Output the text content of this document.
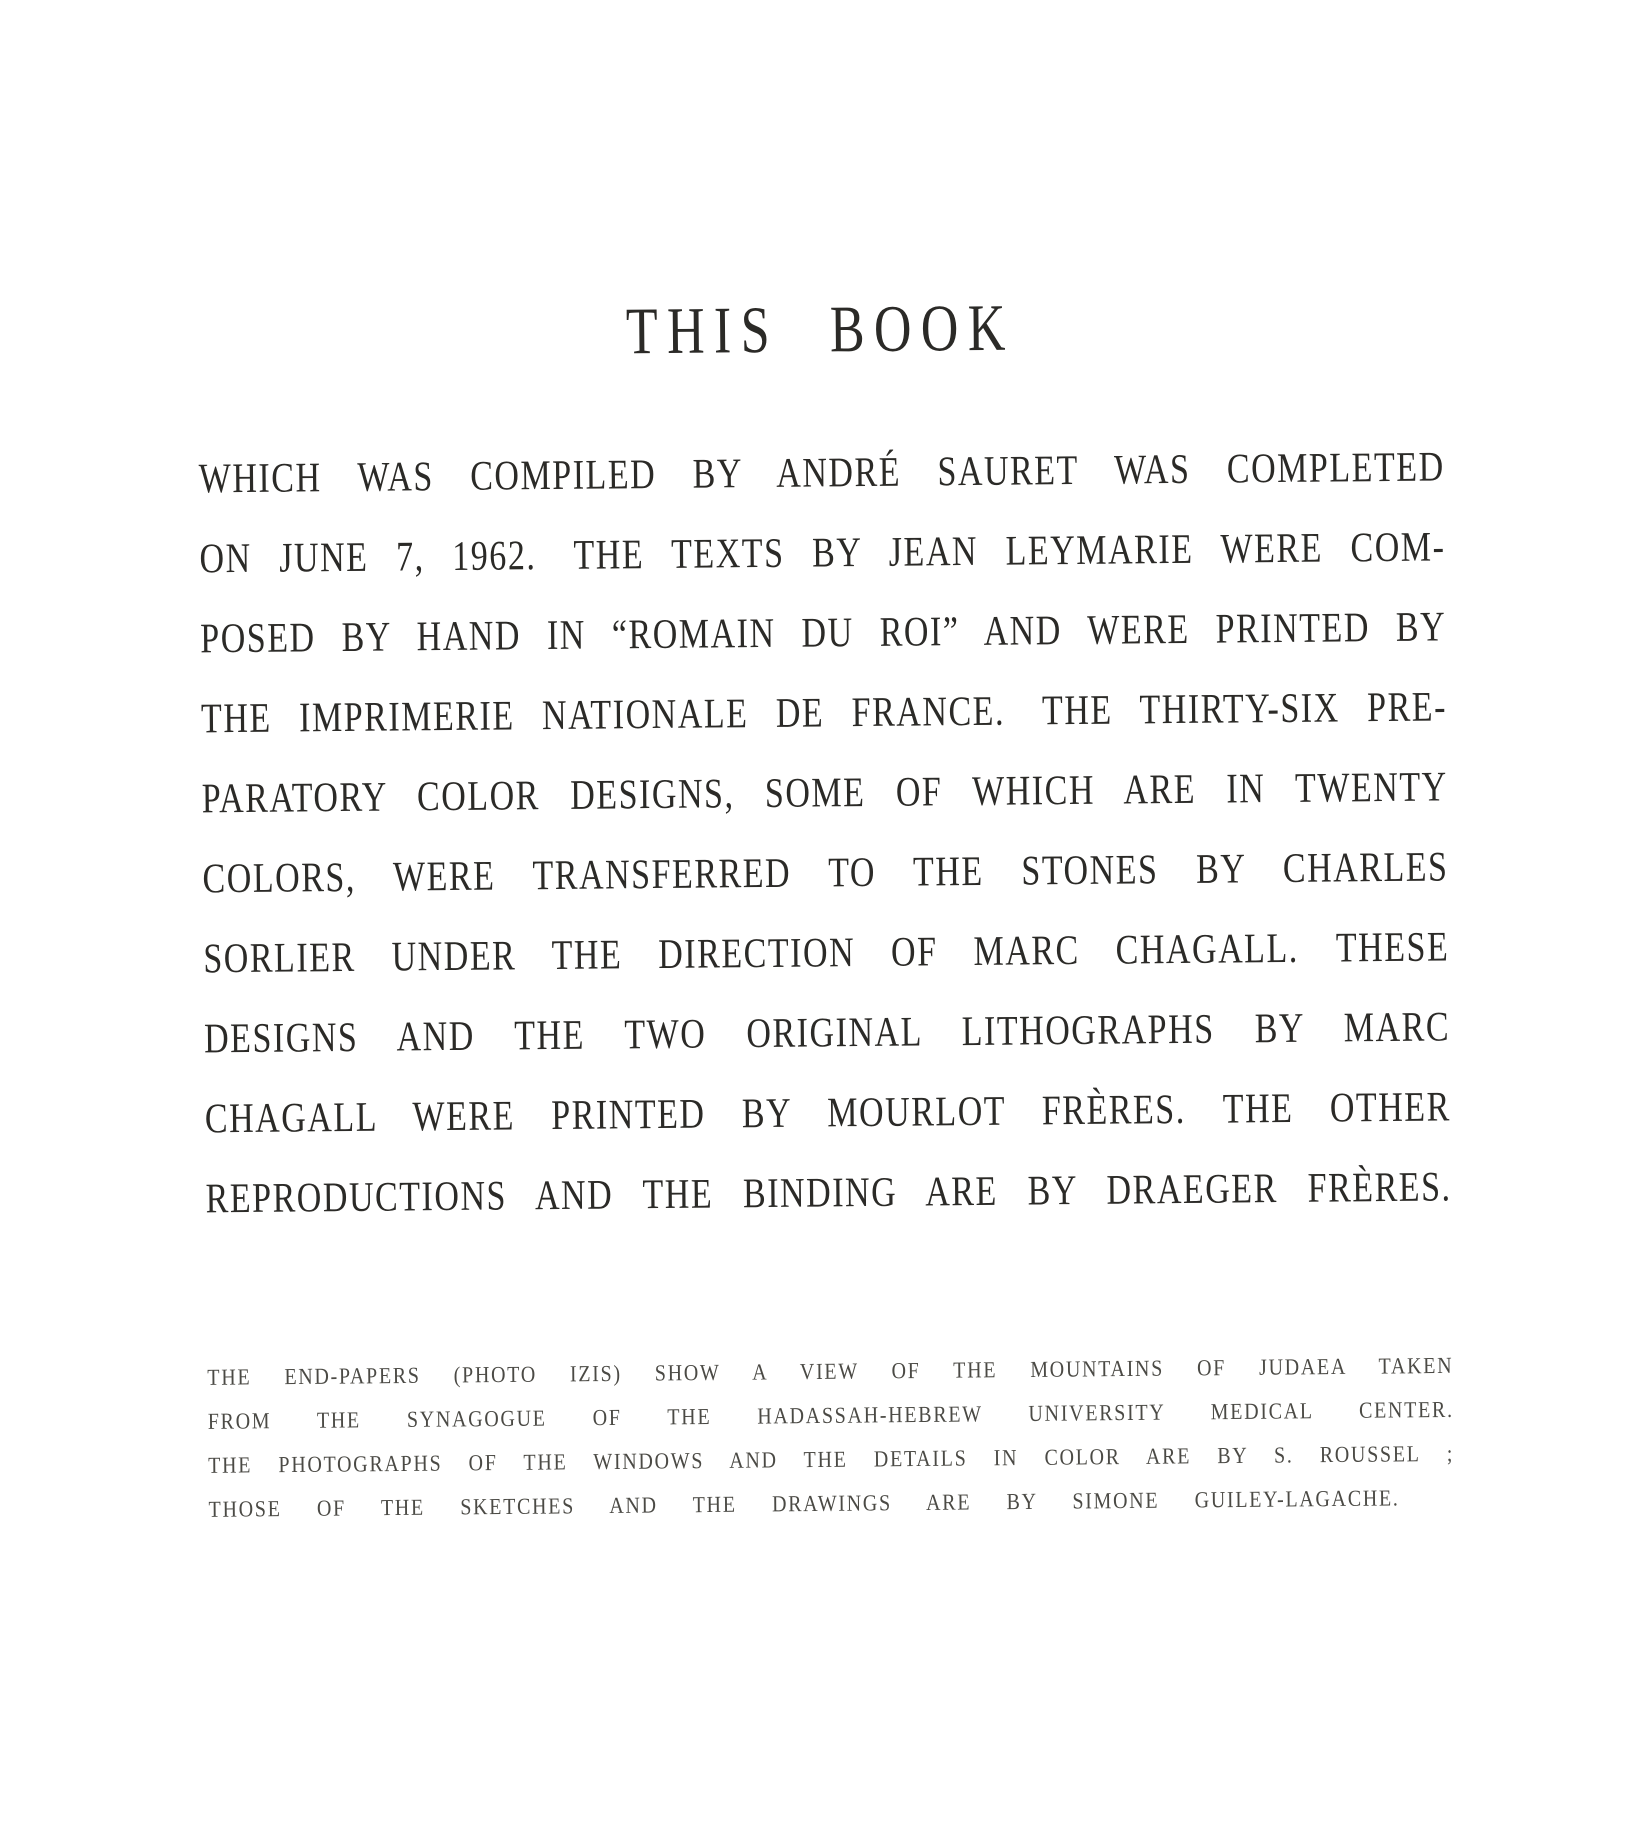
THIS BOOK
WHICH WAS COMPILED BY ANDRÉ SAURET WAS COMPLETED
ON JUNE 7, 1962.  THE TEXTS BY JEAN LEYMARIE WERE COM-
POSED BY HAND IN “ROMAIN DU ROI” AND WERE PRINTED BY
THE IMPRIMERIE NATIONALE DE FRANCE.  THE THIRTY-SIX PRE-
PARATORY COLOR DESIGNS, SOME OF WHICH ARE IN TWENTY
COLORS, WERE TRANSFERRED TO THE STONES BY CHARLES
SORLIER UNDER THE DIRECTION OF MARC CHAGALL.  THESE
DESIGNS AND THE TWO ORIGINAL LITHOGRAPHS BY MARC
CHAGALL WERE PRINTED BY MOURLOT FRÈRES.  THE OTHER
REPRODUCTIONS AND THE BINDING ARE BY DRAEGER FRÈRES.
THE END-PAPERS (PHOTO IZIS) SHOW A VIEW OF THE MOUNTAINS OF JUDAEA TAKEN
FROM THE SYNAGOGUE OF THE HADASSAH-HEBREW UNIVERSITY MEDICAL CENTER.
THE PHOTOGRAPHS OF THE WINDOWS AND THE DETAILS IN COLOR ARE BY S. ROUSSEL ;
THOSE OF THE SKETCHES AND THE DRAWINGS ARE BY SIMONE GUILEY-LAGACHE.
